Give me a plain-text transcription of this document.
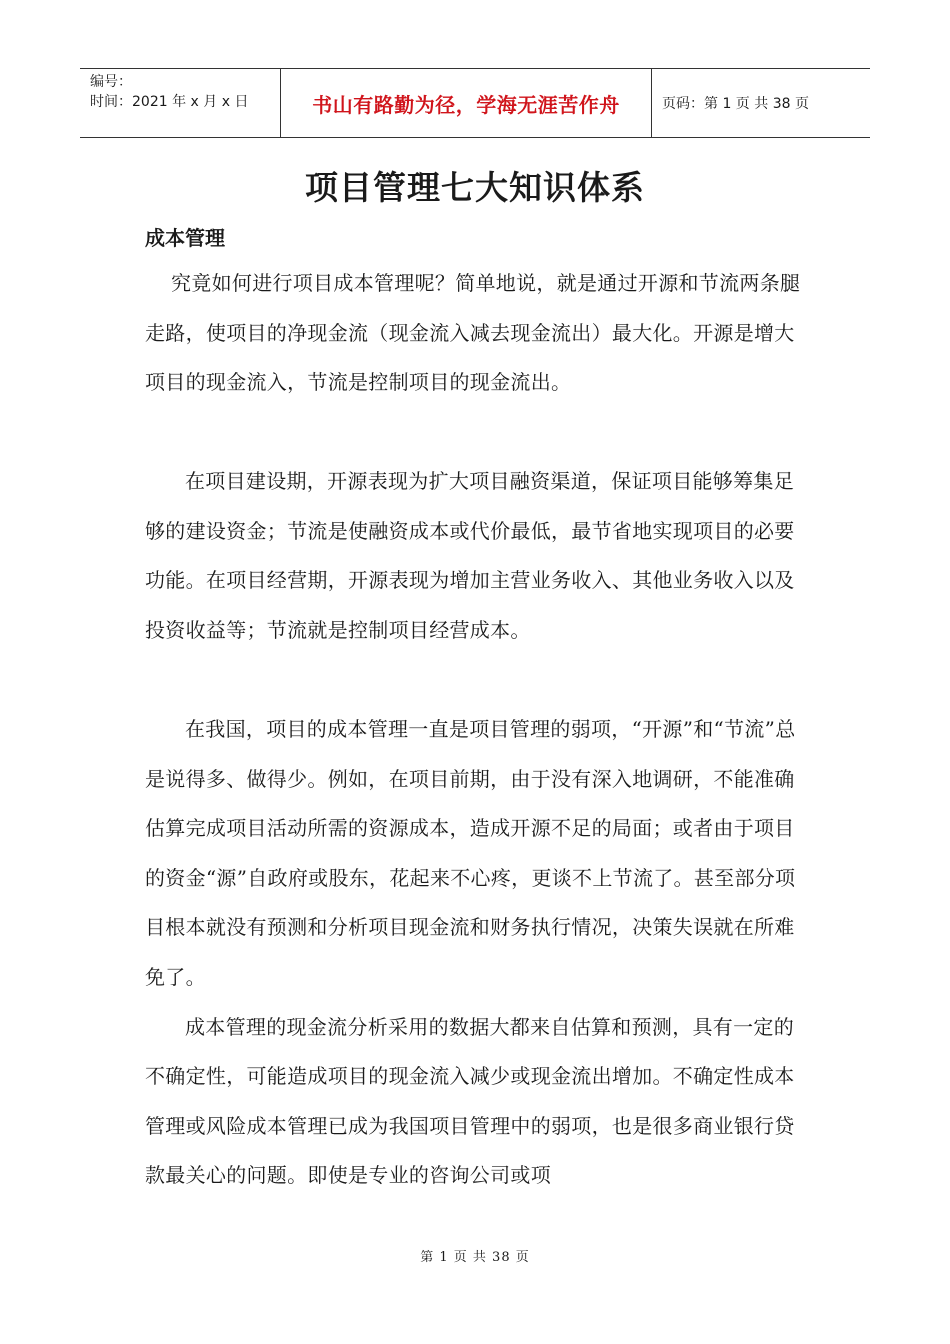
编号：
时间：2021 年 x 月 x 日	书山有路勤为径，学海无涯苦作舟	页码：第 1 页 共 38 页
项目管理七大知识体系
成本管理

究竟如何进行项目成本管理呢？简单地说，就是通过开源和节流两条腿走路，使项目的净现金流（现金流入减去现金流出）最大化。开源是增大项目的现金流入，节流是控制项目的现金流出。

在项目建设期，开源表现为扩大项目融资渠道，保证项目能够筹集足够的建设资金；节流是使融资成本或代价最低，最节省地实现项目的必要功能。在项目经营期，开源表现为增加主营业务收入、其他业务收入以及投资收益等；节流就是控制项目经营成本。

在我国，项目的成本管理一直是项目管理的弱项，“开源”和“节流”总是说得多、做得少。例如，在项目前期，由于没有深入地调研，不能准确估算完成项目活动所需的资源成本，造成开源不足的局面；或者由于项目的资金“源”自政府或股东，花起来不心疼，更谈不上节流了。甚至部分项目根本就没有预测和分析项目现金流和财务执行情况，决策失误就在所难免了。

成本管理的现金流分析采用的数据大都来自估算和预测，具有一定的不确定性，可能造成项目的现金流入减少或现金流出增加。不确定性成本管理或风险成本管理已成为我国项目管理中的弱项，也是很多商业银行贷款最关心的问题。即使是专业的咨询公司或项

第 1 页 共 38 页
